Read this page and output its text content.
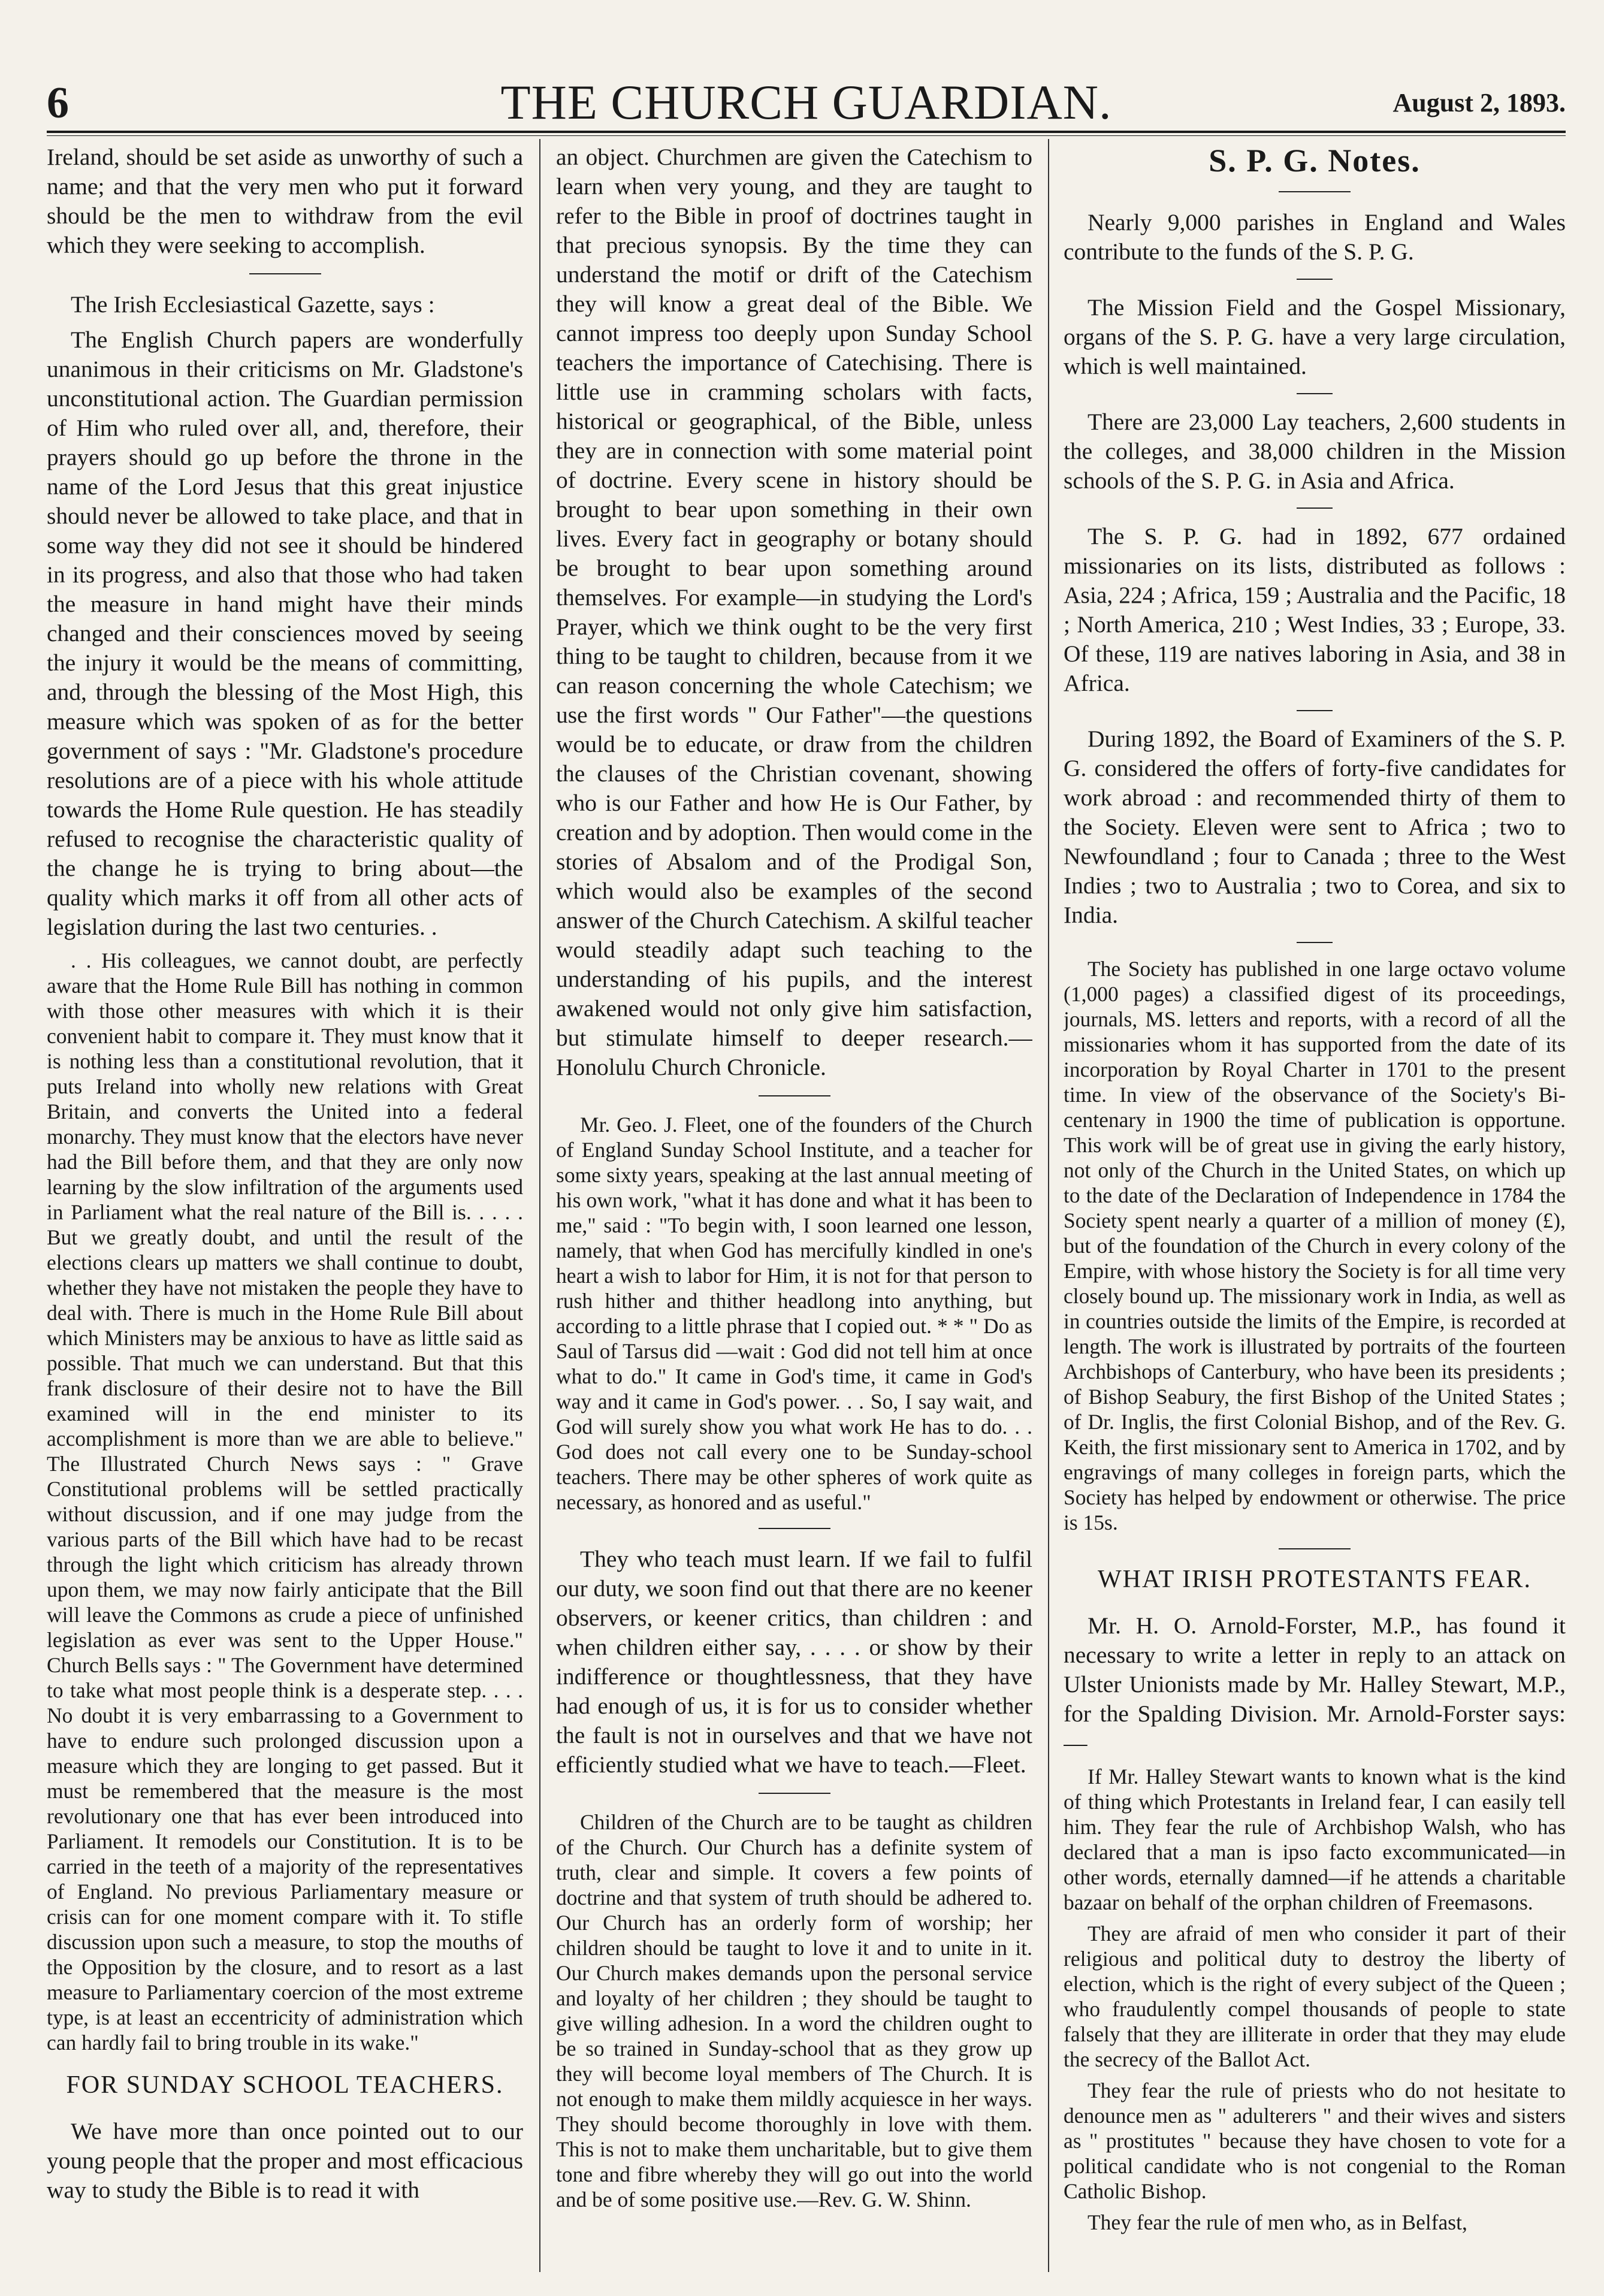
6	THE CHURCH GUARDIAN.	August 2, 1893.

Ireland, should be set aside as unworthy of such a name; and that the very men who put it forward should be the men to withdraw from the evil which they were seeking to accomplish.

The Irish Ecclesiastical Gazette, says :

The English Church papers are wonderfully unanimous in their criticisms on Mr. Gladstone's unconstitutional action. The Guardian permission of Him who ruled over all, and, therefore, their prayers should go up before the throne in the name of the Lord Jesus that this great injustice should never be allowed to take place, and that in some way they did not see it should be hindered in its progress, and also that those who had taken the measure in hand might have their minds changed and their consciences moved by seeing the injury it would be the means of committing, and, through the blessing of the Most High, this measure which was spoken of as for the better government of says : "Mr. Gladstone's procedure resolutions are of a piece with his whole attitude towards the Home Rule question. He has steadily refused to recognise the characteristic quality of the change he is trying to bring about—the quality which marks it off from all other acts of legislation during the last two centuries. .

. . His colleagues, we cannot doubt, are perfectly aware that the Home Rule Bill has nothing in common with those other measures with which it is their convenient habit to compare it. They must know that it is nothing less than a constitutional revolution, that it puts Ireland into wholly new relations with Great Britain, and converts the United into a federal monarchy. They must know that the electors have never had the Bill before them, and that they are only now learning by the slow infiltration of the arguments used in Parliament what the real nature of the Bill is. . . . . But we greatly doubt, and until the result of the elections clears up matters we shall continue to doubt, whether they have not mistaken the people they have to deal with. There is much in the Home Rule Bill about which Ministers may be anxious to have as little said as possible. That much we can understand. But that this frank disclosure of their desire not to have the Bill examined will in the end minister to its accomplishment is more than we are able to believe." The Illustrated Church News says : " Grave Constitutional problems will be settled practically without discussion, and if one may judge from the various parts of the Bill which have had to be recast through the light which criticism has already thrown upon them, we may now fairly anticipate that the Bill will leave the Commons as crude a piece of unfinished legislation as ever was sent to the Upper House." Church Bells says : " The Government have determined to take what most people think is a desperate step. . . . No doubt it is very embarrassing to a Government to have to endure such prolonged discussion upon a measure which they are longing to get passed. But it must be remembered that the measure is the most revolutionary one that has ever been introduced into Parliament. It remodels our Constitution. It is to be carried in the teeth of a majority of the representatives of England. No previous Parliamentary measure or crisis can for one moment compare with it. To stifle discussion upon such a measure, to stop the mouths of the Opposition by the closure, and to resort as a last measure to Parliamentary coercion of the most extreme type, is at least an eccentricity of administration which can hardly fail to bring trouble in its wake."

FOR SUNDAY SCHOOL TEACHERS.

We have more than once pointed out to our young people that the proper and most efficacious way to study the Bible is to read it with

an object. Churchmen are given the Catechism to learn when very young, and they are taught to refer to the Bible in proof of doctrines taught in that precious synopsis. By the time they can understand the motif or drift of the Catechism they will know a great deal of the Bible. We cannot impress too deeply upon Sunday School teachers the importance of Catechising. There is little use in cramming scholars with facts, historical or geographical, of the Bible, unless they are in connection with some material point of doctrine. Every scene in history should be brought to bear upon something in their own lives. Every fact in geography or botany should be brought to bear upon something around themselves. For example—in studying the Lord's Prayer, which we think ought to be the very first thing to be taught to children, because from it we can reason concerning the whole Catechism; we use the first words " Our Father"—the questions would be to educate, or draw from the children the clauses of the Christian covenant, showing who is our Father and how He is Our Father, by creation and by adoption. Then would come in the stories of Absalom and of the Prodigal Son, which would also be examples of the second answer of the Church Catechism. A skilful teacher would steadily adapt such teaching to the understanding of his pupils, and the interest awakened would not only give him satisfaction, but stimulate himself to deeper research.— Honolulu Church Chronicle.

Mr. Geo. J. Fleet, one of the founders of the Church of England Sunday School Institute, and a teacher for some sixty years, speaking at the last annual meeting of his own work, "what it has done and what it has been to me," said : "To begin with, I soon learned one lesson, namely, that when God has mercifully kindled in one's heart a wish to labor for Him, it is not for that person to rush hither and thither headlong into anything, but according to a little phrase that I copied out. * * " Do as Saul of Tarsus did —wait : God did not tell him at once what to do." It came in God's time, it came in God's way and it came in God's power. . . So, I say wait, and God will surely show you what work He has to do. . . God does not call every one to be Sunday-school teachers. There may be other spheres of work quite as necessary, as honored and as useful."

They who teach must learn. If we fail to fulfil our duty, we soon find out that there are no keener observers, or keener critics, than children : and when children either say, . . . . or show by their indifference or thoughtlessness, that they have had enough of us, it is for us to consider whether the fault is not in ourselves and that we have not efficiently studied what we have to teach.—Fleet.

Children of the Church are to be taught as children of the Church. Our Church has a definite system of truth, clear and simple. It covers a few points of doctrine and that system of truth should be adhered to. Our Church has an orderly form of worship; her children should be taught to love it and to unite in it. Our Church makes demands upon the personal service and loyalty of her children ; they should be taught to give willing adhesion. In a word the children ought to be so trained in Sunday-school that as they grow up they will become loyal members of The Church. It is not enough to make them mildly acquiesce in her ways. They should become thoroughly in love with them. This is not to make them uncharitable, but to give them tone and fibre whereby they will go out into the world and be of some positive use.—Rev. G. W. Shinn.

S. P. G. Notes.

Nearly 9,000 parishes in England and Wales contribute to the funds of the S. P. G.

The Mission Field and the Gospel Missionary, organs of the S. P. G. have a very large circulation, which is well maintained.

There are 23,000 Lay teachers, 2,600 students in the colleges, and 38,000 children in the Mission schools of the S. P. G. in Asia and Africa.

The S. P. G. had in 1892, 677 ordained missionaries on its lists, distributed as follows : Asia, 224 ; Africa, 159 ; Australia and the Pacific, 18 ; North America, 210 ; West Indies, 33 ; Europe, 33. Of these, 119 are natives laboring in Asia, and 38 in Africa.

During 1892, the Board of Examiners of the S. P. G. considered the offers of forty-five candidates for work abroad : and recommended thirty of them to the Society. Eleven were sent to Africa ; two to Newfoundland ; four to Canada ; three to the West Indies ; two to Australia ; two to Corea, and six to India.

The Society has published in one large octavo volume (1,000 pages) a classified digest of its proceedings, journals, MS. letters and reports, with a record of all the missionaries whom it has supported from the date of its incorporation by Royal Charter in 1701 to the present time. In view of the observance of the Society's Bi-centenary in 1900 the time of publication is opportune. This work will be of great use in giving the early history, not only of the Church in the United States, on which up to the date of the Declaration of Independence in 1784 the Society spent nearly a quarter of a million of money (£), but of the foundation of the Church in every colony of the Empire, with whose history the Society is for all time very closely bound up. The missionary work in India, as well as in countries outside the limits of the Empire, is recorded at length. The work is illustrated by portraits of the fourteen Archbishops of Canterbury, who have been its presidents ; of Bishop Seabury, the first Bishop of the United States ; of Dr. Inglis, the first Colonial Bishop, and of the Rev. G. Keith, the first missionary sent to America in 1702, and by engravings of many colleges in foreign parts, which the Society has helped by endowment or otherwise. The price is 15s.

WHAT IRISH PROTESTANTS FEAR.

Mr. H. O. Arnold-Forster, M.P., has found it necessary to write a letter in reply to an attack on Ulster Unionists made by Mr. Halley Stewart, M.P., for the Spalding Division. Mr. Arnold-Forster says:—

If Mr. Halley Stewart wants to known what is the kind of thing which Protestants in Ireland fear, I can easily tell him. They fear the rule of Archbishop Walsh, who has declared that a man is ipso facto excommunicated—in other words, eternally damned—if he attends a charitable bazaar on behalf of the orphan children of Freemasons.

They are afraid of men who consider it part of their religious and political duty to destroy the liberty of election, which is the right of every subject of the Queen ; who fraudulently compel thousands of people to state falsely that they are illiterate in order that they may elude the secrecy of the Ballot Act.

They fear the rule of priests who do not hesitate to denounce men as " adulterers " and their wives and sisters as " prostitutes " because they have chosen to vote for a political candidate who is not congenial to the Roman Catholic Bishop.

They fear the rule of men who, as in Belfast,
